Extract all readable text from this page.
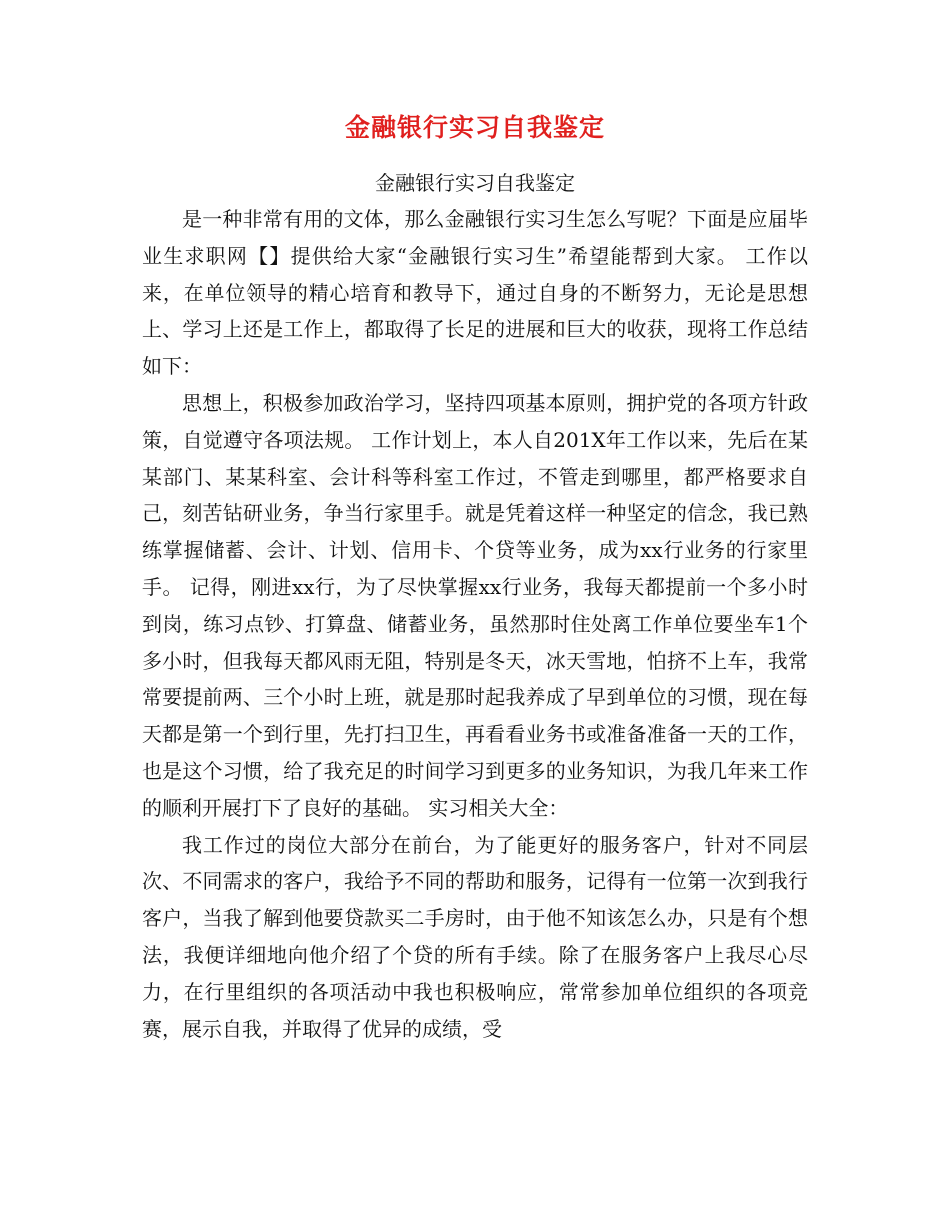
金融银行实习自我鉴定
金融银行实习自我鉴定

是一种非常有用的文体，那么金融银行实习生怎么写呢？下面是应届毕业生求职网【】提供给大家“金融银行实习生”希望能帮到大家。 工作以来，在单位领导的精心培育和教导下，通过自身的不断努力，无论是思想上、学习上还是工作上，都取得了长足的进展和巨大的收获，现将工作总结如下：

思想上，积极参加政治学习，坚持四项基本原则，拥护党的各项方针政策，自觉遵守各项法规。 工作计划上，本人自201X年工作以来，先后在某某部门、某某科室、会计科等科室工作过，不管走到哪里，都严格要求自己，刻苦钻研业务，争当行家里手。就是凭着这样一种坚定的信念，我已熟练掌握储蓄、会计、计划、信用卡、个贷等业务，成为xx行业务的行家里手。 记得，刚进xx行，为了尽快掌握xx行业务，我每天都提前一个多小时到岗，练习点钞、打算盘、储蓄业务，虽然那时住处离工作单位要坐车1个多小时，但我每天都风雨无阻，特别是冬天，冰天雪地，怕挤不上车，我常常要提前两、三个小时上班，就是那时起我养成了早到单位的习惯，现在每天都是第一个到行里，先打扫卫生，再看看业务书或准备准备一天的工作，也是这个习惯，给了我充足的时间学习到更多的业务知识，为我几年来工作的顺利开展打下了良好的基础。 实习相关大全：

我工作过的岗位大部分在前台，为了能更好的服务客户，针对不同层次、不同需求的客户，我给予不同的帮助和服务，记得有一位第一次到我行客户，当我了解到他要贷款买二手房时，由于他不知该怎么办，只是有个想法，我便详细地向他介绍了个贷的所有手续。除了在服务客户上我尽心尽力，在行里组织的各项活动中我也积极响应，常常参加单位组织的各项竞赛，展示自我，并取得了优异的成绩，受
